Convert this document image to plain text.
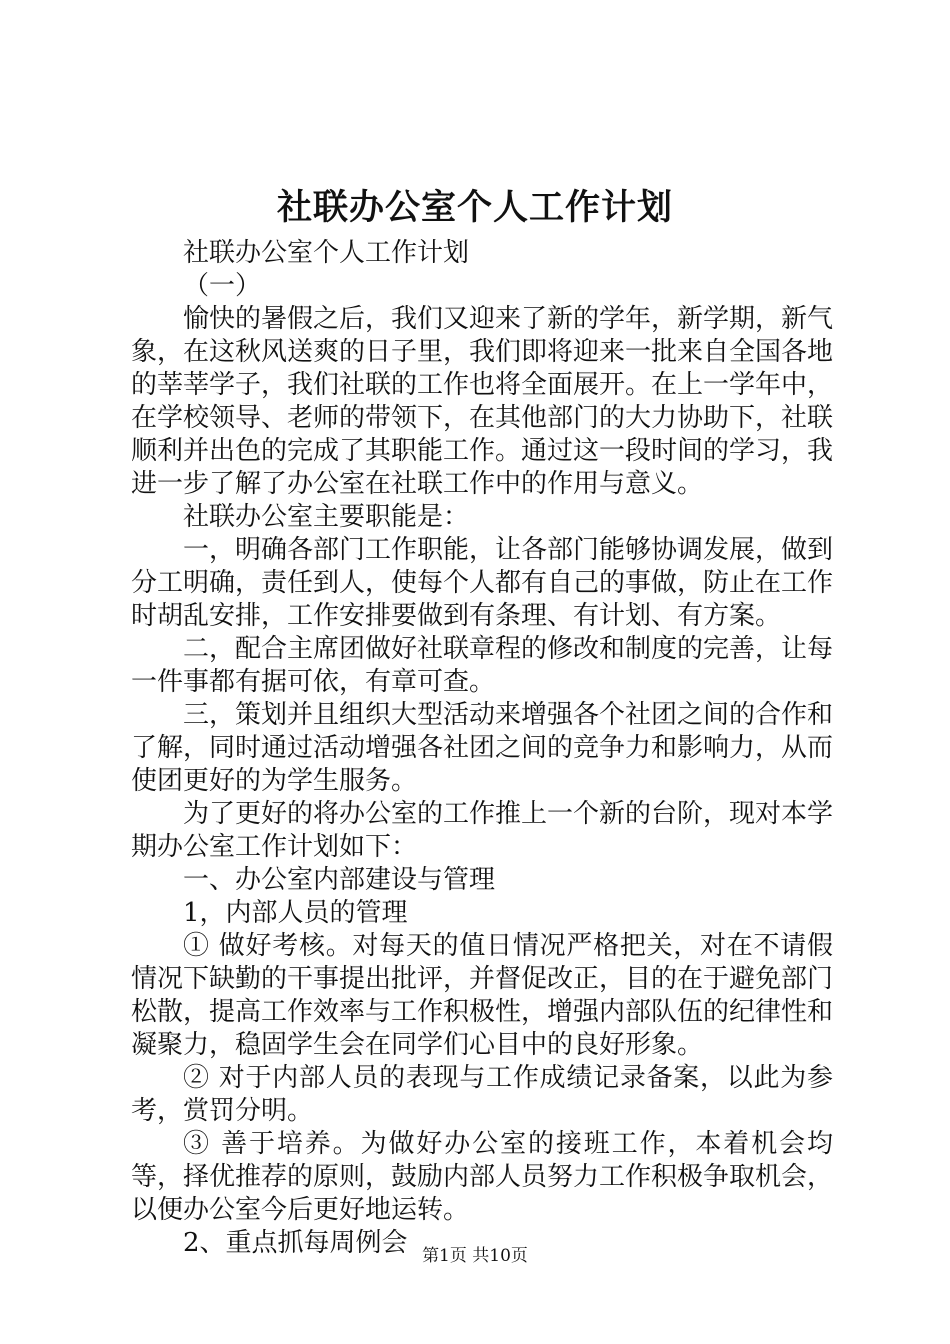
社联办公室个人工作计划

社联办公室个人工作计划

（一）

愉快的暑假之后，我们又迎来了新的学年，新学期，新气象，在这秋风送爽的日子里，我们即将迎来一批来自全国各地的莘莘学子，我们社联的工作也将全面展开。在上一学年中，在学校领导、老师的带领下，在其他部门的大力协助下，社联顺利并出色的完成了其职能工作。通过这一段时间的学习，我进一步了解了办公室在社联工作中的作用与意义。

社联办公室主要职能是：

一，明确各部门工作职能，让各部门能够协调发展，做到分工明确，责任到人，使每个人都有自己的事做，防止在工作时胡乱安排，工作安排要做到有条理、有计划、有方案。

二，配合主席团做好社联章程的修改和制度的完善，让每一件事都有据可依，有章可查。

三，策划并且组织大型活动来增强各个社团之间的合作和了解，同时通过活动增强各社团之间的竞争力和影响力，从而使团更好的为学生服务。

为了更好的将办公室的工作推上一个新的台阶，现对本学期办公室工作计划如下：

一、办公室内部建设与管理

1，内部人员的管理

① 做好考核。对每天的值日情况严格把关，对在不请假情况下缺勤的干事提出批评，并督促改正，目的在于避免部门松散，提高工作效率与工作积极性，增强内部队伍的纪律性和凝聚力，稳固学生会在同学们心目中的良好形象。

② 对于内部人员的表现与工作成绩记录备案，以此为参考，赏罚分明。

③ 善于培养。为做好办公室的接班工作，本着机会均等，择优推荐的原则，鼓励内部人员努力工作积极争取机会，以便办公室今后更好地运转。

2、重点抓每周例会 第1页 共10页
